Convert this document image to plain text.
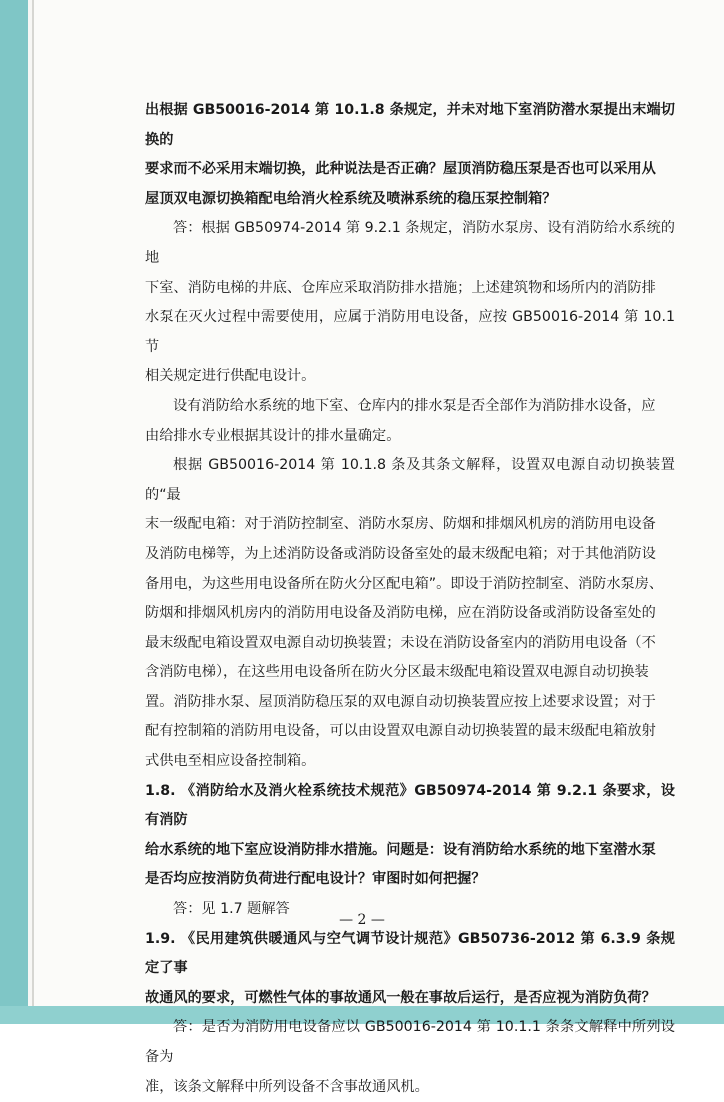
出根据 GB50016-2014 第 10.1.8 条规定，并未对地下室消防潜水泵提出末端切换的
要求而不必采用末端切换，此种说法是否正确？屋顶消防稳压泵是否也可以采用从
屋顶双电源切换箱配电给消火栓系统及喷淋系统的稳压泵控制箱？
答：根据 GB50974-2014 第 9.2.1 条规定，消防水泵房、设有消防给水系统的地
下室、消防电梯的井底、仓库应采取消防排水措施；上述建筑物和场所内的消防排
水泵在灭火过程中需要使用，应属于消防用电设备，应按 GB50016-2014 第 10.1 节
相关规定进行供配电设计。
设有消防给水系统的地下室、仓库内的排水泵是否全部作为消防排水设备，应
由给排水专业根据其设计的排水量确定。
根据 GB50016-2014 第 10.1.8 条及其条文解释，设置双电源自动切换装置的“最
末一级配电箱：对于消防控制室、消防水泵房、防烟和排烟风机房的消防用电设备
及消防电梯等，为上述消防设备或消防设备室处的最末级配电箱；对于其他消防设
备用电，为这些用电设备所在防火分区配电箱”。即设于消防控制室、消防水泵房、
防烟和排烟风机房内的消防用电设备及消防电梯，应在消防设备或消防设备室处的
最末级配电箱设置双电源自动切换装置；未设在消防设备室内的消防用电设备（不
含消防电梯），在这些用电设备所在防火分区最末级配电箱设置双电源自动切换装
置。消防排水泵、屋顶消防稳压泵的双电源自动切换装置应按上述要求设置；对于
配有控制箱的消防用电设备，可以由设置双电源自动切换装置的最末级配电箱放射
式供电至相应设备控制箱。
1.8. 《消防给水及消火栓系统技术规范》GB50974-2014 第 9.2.1 条要求，设有消防
给水系统的地下室应设消防排水措施。问题是：设有消防给水系统的地下室潜水泵
是否均应按消防负荷进行配电设计？审图时如何把握？
答：见 1.7 题解答
1.9. 《民用建筑供暖通风与空气调节设计规范》GB50736-2012 第 6.3.9 条规定了事
故通风的要求，可燃性气体的事故通风一般在事故后运行，是否应视为消防负荷？
答：是否为消防用电设备应以 GB50016-2014 第 10.1.1 条条文解释中所列设备为
准，该条文解释中所列设备不含事故通风机。
— 2 —
